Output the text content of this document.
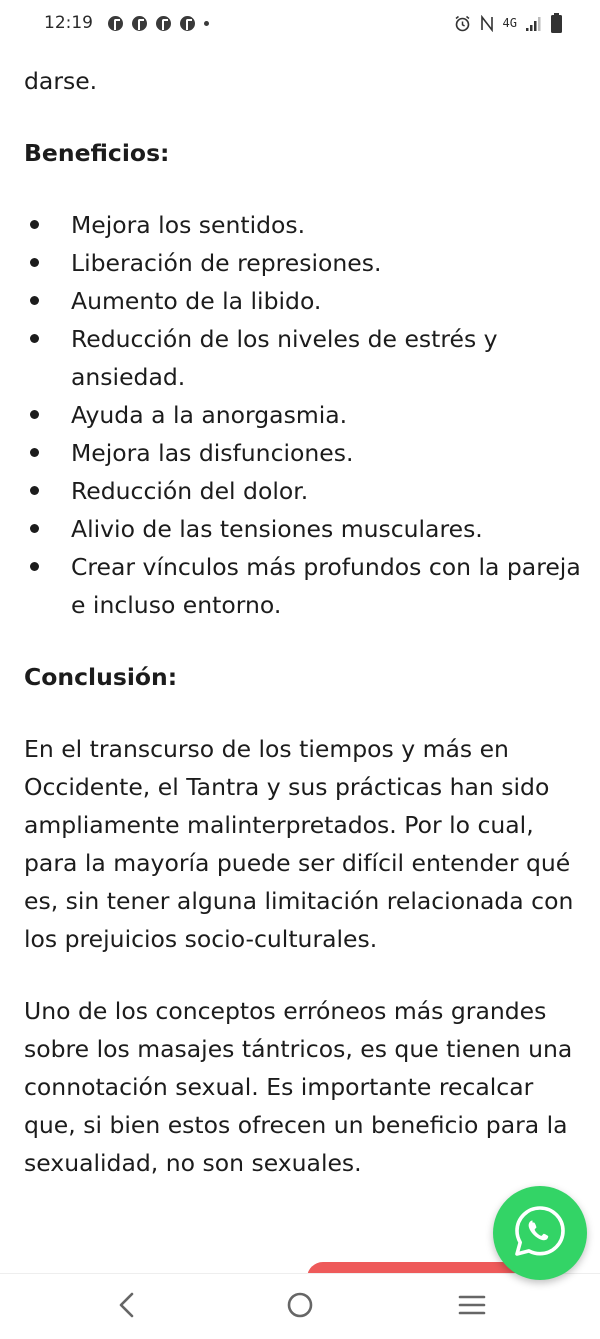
12:19	4G

darse.

Beneficios:

Mejora los sentidos.
Liberación de represiones.
Aumento de la libido.
Reducción de los niveles de estrés y ansiedad.
Ayuda a la anorgasmia.
Mejora las disfunciones.
Reducción del dolor.
Alivio de las tensiones musculares.
Crear vínculos más profundos con la pareja e incluso entorno.

Conclusión:

En el transcurso de los tiempos y más en Occidente, el Tantra y sus prácticas han sido ampliamente malinterpretados. Por lo cual, para la mayoría puede ser difícil entender qué es, sin tener alguna limitación relacionada con los prejuicios socio-culturales.

Uno de los conceptos erróneos más grandes sobre los masajes tántricos, es que tienen una connotación sexual. Es importante recalcar que, si bien estos ofrecen un beneficio para la sexualidad, no son sexuales.
